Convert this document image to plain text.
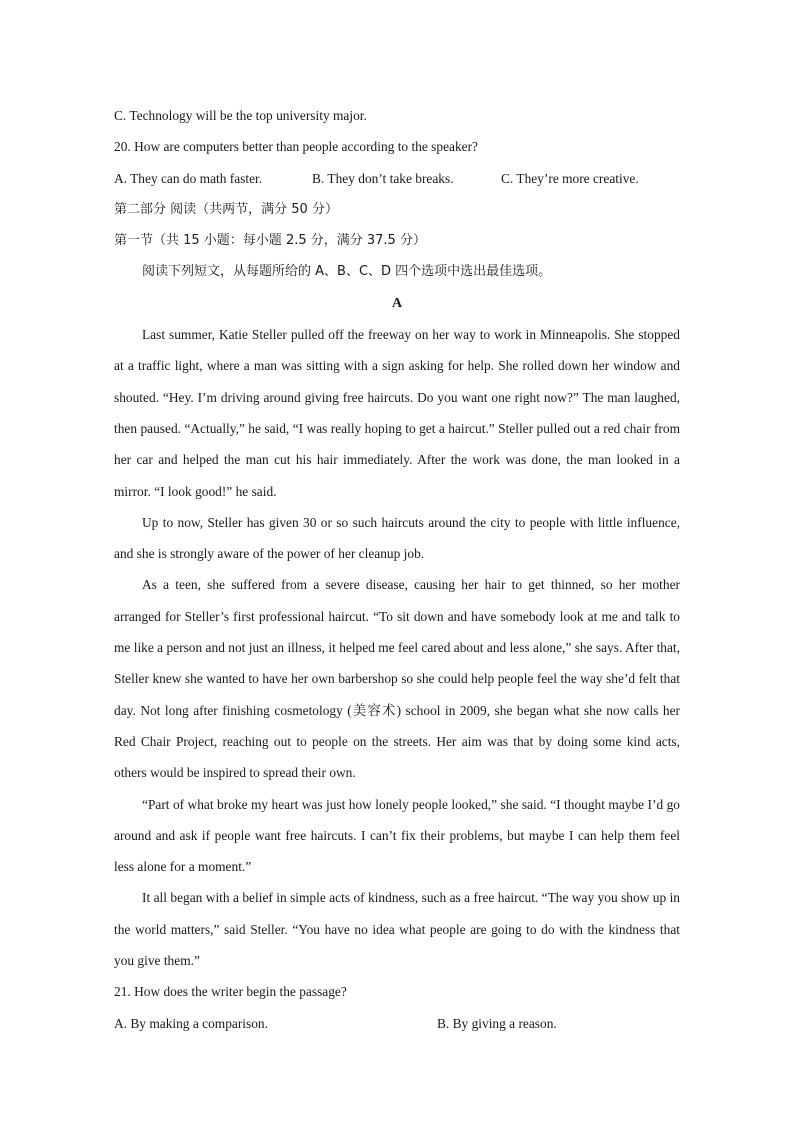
C. Technology will be the top university major.
20. How are computers better than people according to the speaker?
A. They can do math faster.	B. They don’t take breaks.	C. They’re more creative.
第二部分 阅读（共两节，满分 50 分）
第一节（共 15 小题：每小题 2.5 分，满分 37.5 分）
阅读下列短文，从每题所给的 A、B、C、D 四个选项中选出最佳选项。
A

Last summer, Katie Steller pulled off the freeway on her way to work in Minneapolis. She stopped at a traffic light, where a man was sitting with a sign asking for help. She rolled down her window and shouted. “Hey. I’m driving around giving free haircuts. Do you want one right now?” The man laughed, then paused. “Actually,” he said, “I was really hoping to get a haircut.” Steller pulled out a red chair from her car and helped the man cut his hair immediately. After the work was done, the man looked in a mirror. “I look good!” he said.

Up to now, Steller has given 30 or so such haircuts around the city to people with little influence, and she is strongly aware of the power of her cleanup job.

As a teen, she suffered from a severe disease, causing her hair to get thinned, so her mother arranged for Steller’s first professional haircut. “To sit down and have somebody look at me and talk to me like a person and not just an illness, it helped me feel cared about and less alone,” she says. After that, Steller knew she wanted to have her own barbershop so she could help people feel the way she’d felt that day. Not long after finishing cosmetology (美容术) school in 2009, she began what she now calls her Red Chair Project, reaching out to people on the streets. Her aim was that by doing some kind acts, others would be inspired to spread their own.

“Part of what broke my heart was just how lonely people looked,” she said. “I thought maybe I’d go around and ask if people want free haircuts. I can’t fix their problems, but maybe I can help them feel less alone for a moment.”

It all began with a belief in simple acts of kindness, such as a free haircut. “The way you show up in the world matters,” said Steller. “You have no idea what people are going to do with the kindness that you give them.”

21. How does the writer begin the passage?
A. By making a comparison.	B. By giving a reason.
